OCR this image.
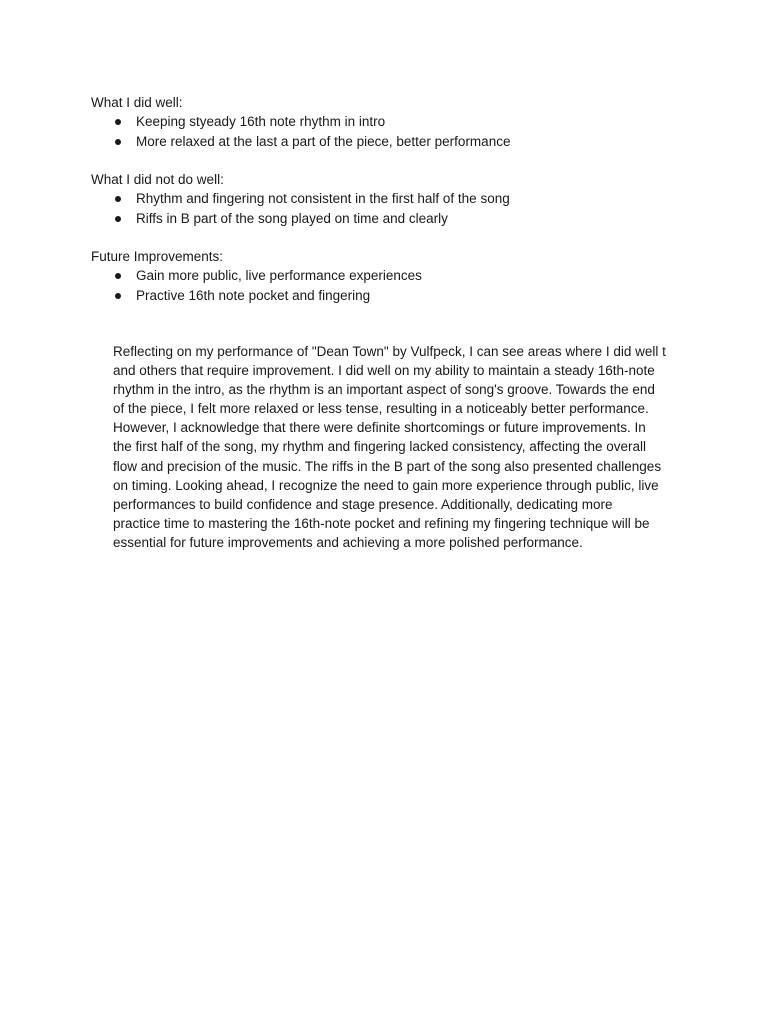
What I did well:

Keeping styeady 16th note rhythm in intro
More relaxed at the last a part of the piece, better performance

What I did not do well:

Rhythm and fingering not consistent in the first half of the song
Riffs in B part of the song played on time and clearly

Future Improvements:

Gain more public, live performance experiences
Practive 16th note pocket and fingering

Reflecting on my performance of "Dean Town" by Vulfpeck, I can see areas where I did well t
and others that require improvement. I did well on my ability to maintain a steady 16th-note
rhythm in the intro, as the rhythm is an important aspect of song's groove. Towards the end
of the piece, I felt more relaxed or less tense, resulting in a noticeably better performance.
However, I acknowledge that there were definite shortcomings or future improvements. In
the first half of the song, my rhythm and fingering lacked consistency, affecting the overall
flow and precision of the music. The riffs in the B part of the song also presented challenges
on timing. Looking ahead, I recognize the need to gain more experience through public, live
performances to build confidence and stage presence. Additionally, dedicating more
practice time to mastering the 16th-note pocket and refining my fingering technique will be
essential for future improvements and achieving a more polished performance.
